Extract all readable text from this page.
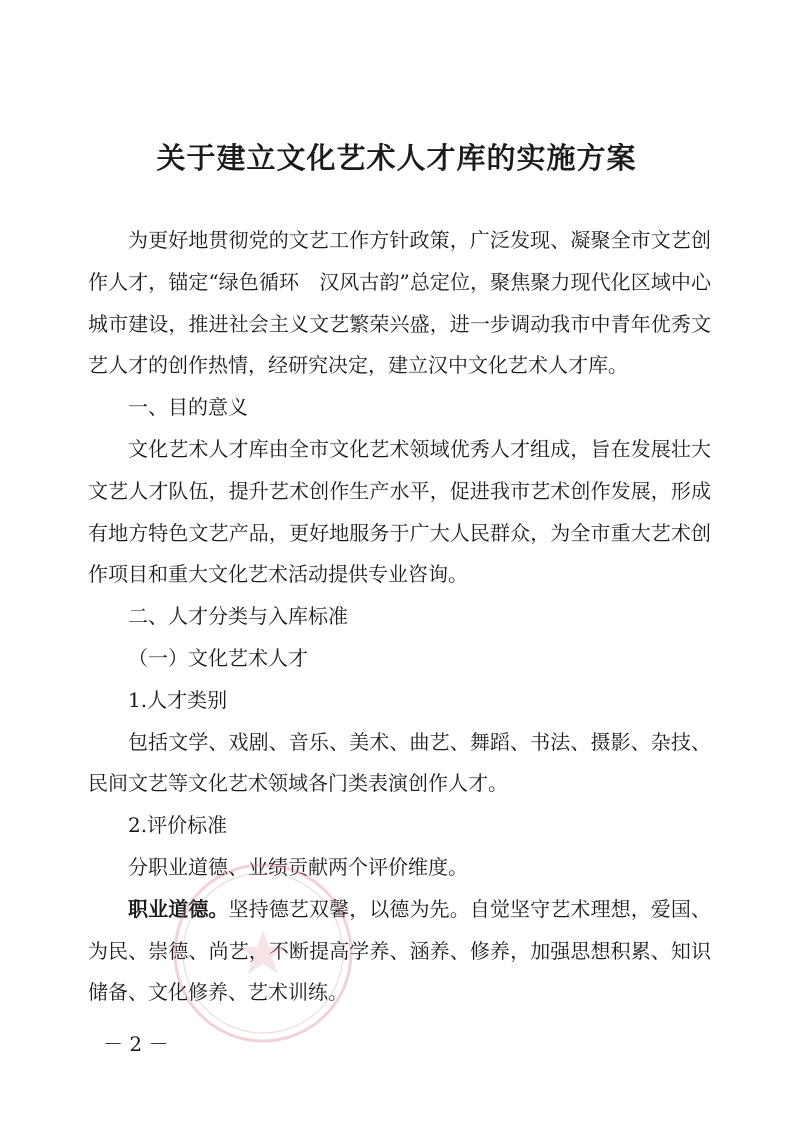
关于建立文化艺术人才库的实施方案

为更好地贯彻党的文艺工作方针政策，广泛发现、凝聚全市文艺创作人才，锚定“绿色循环　汉风古韵”总定位，聚焦聚力现代化区域中心城市建设，推进社会主义文艺繁荣兴盛，进一步调动我市中青年优秀文艺人才的创作热情，经研究决定，建立汉中文化艺术人才库。

一、目的意义

文化艺术人才库由全市文化艺术领域优秀人才组成，旨在发展壮大文艺人才队伍，提升艺术创作生产水平，促进我市艺术创作发展，形成有地方特色文艺产品，更好地服务于广大人民群众，为全市重大艺术创作项目和重大文化艺术活动提供专业咨询。

二、人才分类与入库标准

（一）文化艺术人才

1.人才类别

包括文学、戏剧、音乐、美术、曲艺、舞蹈、书法、摄影、杂技、民间文艺等文化艺术领域各门类表演创作人才。

2.评价标准

分职业道德、业绩贡献两个评价维度。

职业道德。坚持德艺双馨，以德为先。自觉坚守艺术理想，爱国、为民、崇德、尚艺，不断提高学养、涵养、修养，加强思想积累、知识储备、文化修养、艺术训练。

－ 2 －
